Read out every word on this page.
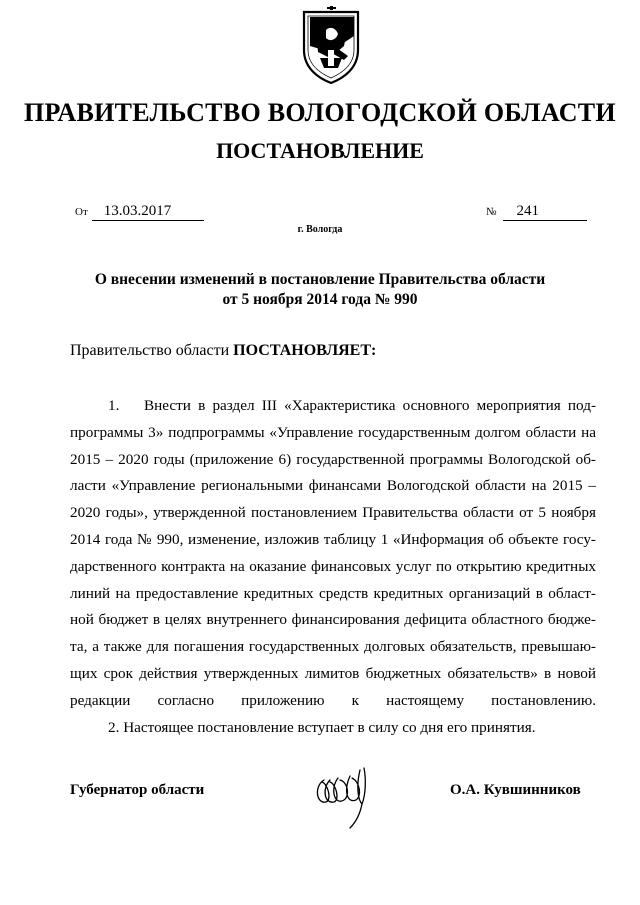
ПРАВИТЕЛЬСТВО ВОЛОГОДСКОЙ ОБЛАСТИ
ПОСТАНОВЛЕНИЕ
От 13.03.2017	№ 241
г. Вологда
О внесении изменений в постановление Правительства области
от 5 ноября 2014 года № 990
Правительство области ПОСТАНОВЛЯЕТ:
1. Внести в раздел III «Характеристика основного мероприятия под-
программы 3» подпрограммы «Управление государственным долгом области на
2015 – 2020 годы (приложение 6) государственной программы Вологодской об-
ласти «Управление региональными финансами Вологодской области на 2015 –
2020 годы», утвержденной постановлением Правительства области от 5 ноября
2014 года № 990, изменение, изложив таблицу 1 «Информация об объекте госу-
дарственного контракта на оказание финансовых услуг по открытию кредитных
линий на предоставление кредитных средств кредитных организаций в област-
ной бюджет в целях внутреннего финансирования дефицита областного бюдже-
та, а также для погашения государственных долговых обязательств, превышаю-
щих срок действия утвержденных лимитов бюджетных обязательств» в новой
редакции согласно приложению к настоящему постановлению.
2. Настоящее постановление вступает в силу со дня его принятия.
Губернатор области	О.А. Кувшинников
